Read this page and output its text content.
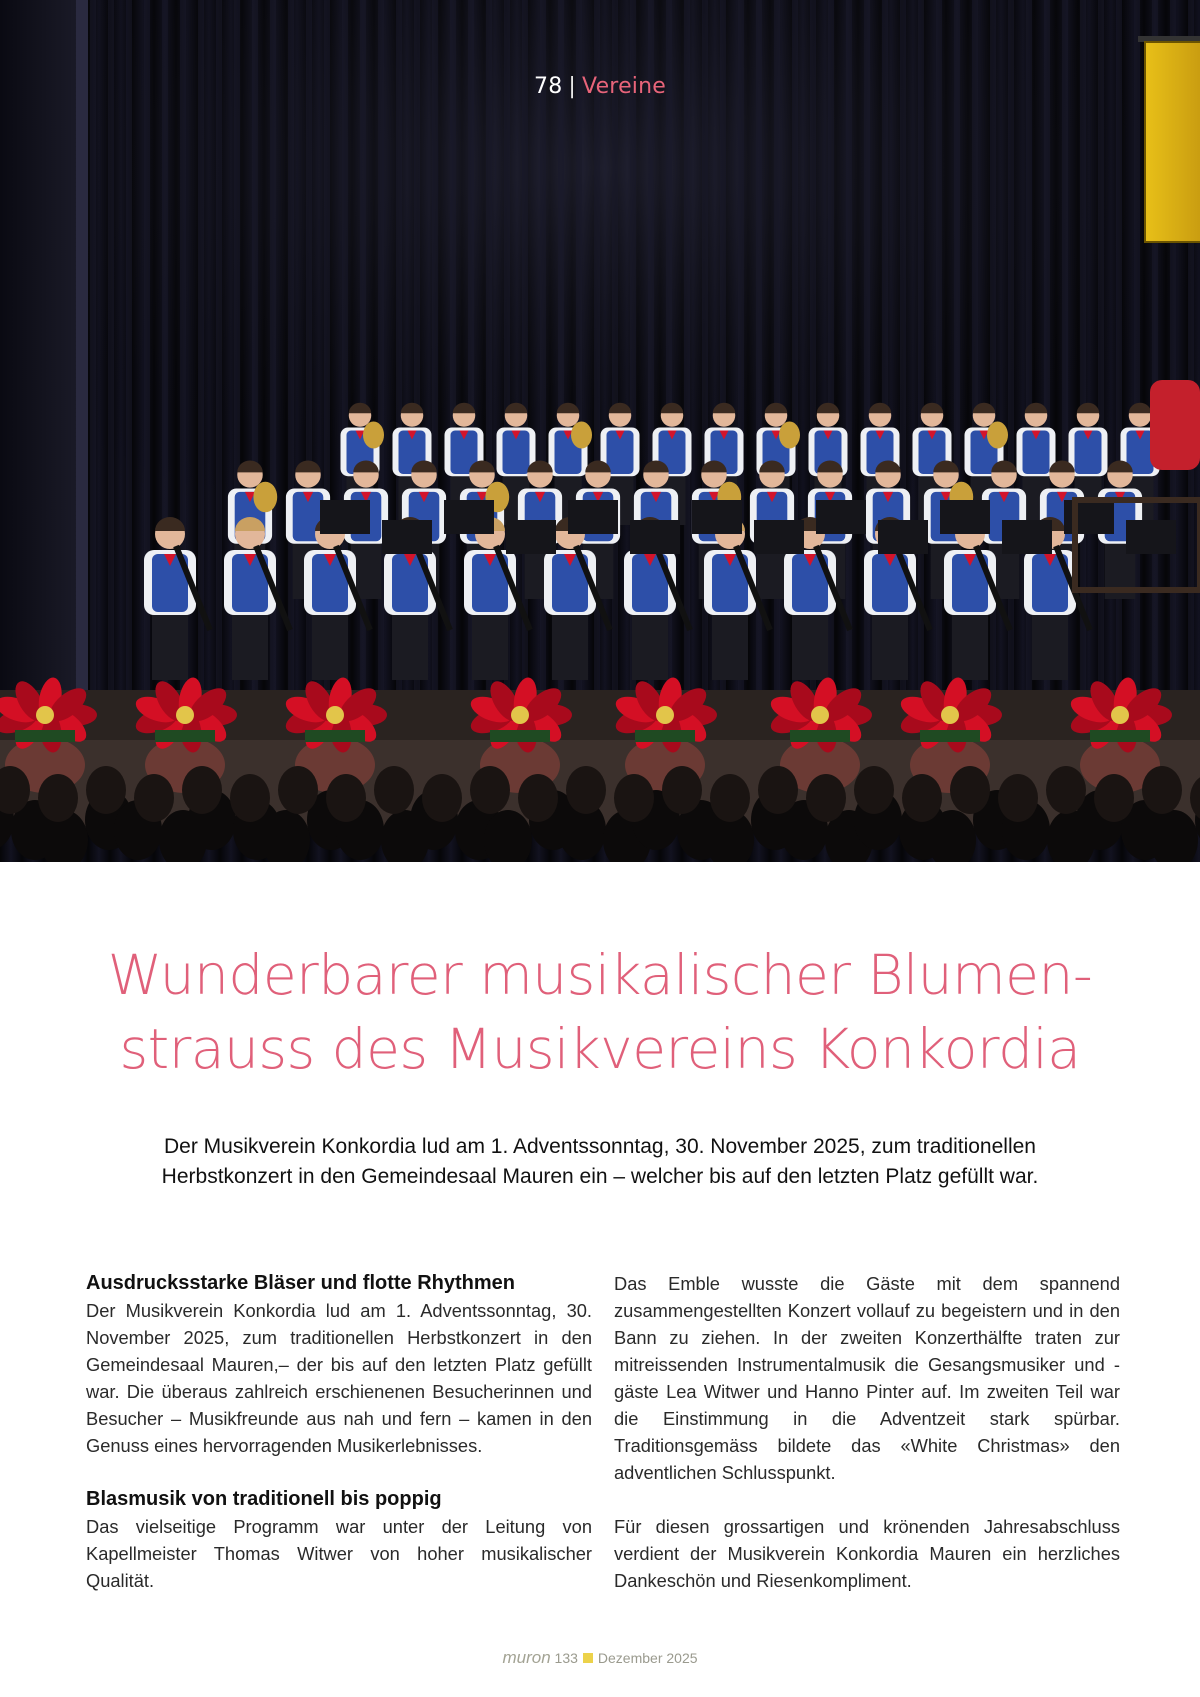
78 | Vereine
Wunderbarer musikalischer Blumen-
strauss des Musikvereins Konkordia
Der Musikverein Konkordia lud am 1. Adventssonntag, 30. November 2025, zum traditionellen
Herbstkonzert in den Gemeindesaal Mauren ein – welcher bis auf den letzten Platz gefüllt war.
Ausdrucksstarke Bläser und flotte Rhythmen

Der Musikverein Konkordia lud am 1. Adventssonntag, 30. November 2025, zum traditionellen Herbstkonzert in den Gemeindesaal Mauren,– der bis auf den letzten Platz gefüllt war. Die überaus zahlreich erschienenen Besucherinnen und Besucher – Musikfreunde aus nah und fern – kamen in den Genuss eines hervorragenden Musikerlebnisses.

Blasmusik von traditionell bis poppig

Das vielseitige Programm war unter der Leitung von Kapellmeister Thomas Witwer von hoher musikalischer Qualität.

Das Emble wusste die Gäste mit dem spannend zusammengestellten Konzert vollauf zu begeistern und in den Bann zu ziehen. In der zweiten Konzerthälfte traten zur mitreissenden Instrumentalmusik die Gesangsmusiker und -gäste Lea Witwer und Hanno Pinter auf. Im zweiten Teil war die Einstimmung in die Adventzeit stark spürbar. Traditionsgemäss bildete das «White Christmas» den adventlichen Schlusspunkt.

Für diesen grossartigen und krönenden Jahresabschluss verdient der Musikverein Konkordia Mauren ein herzliches Dankeschön und Riesenkompliment.

muron 133 Dezember 2025
